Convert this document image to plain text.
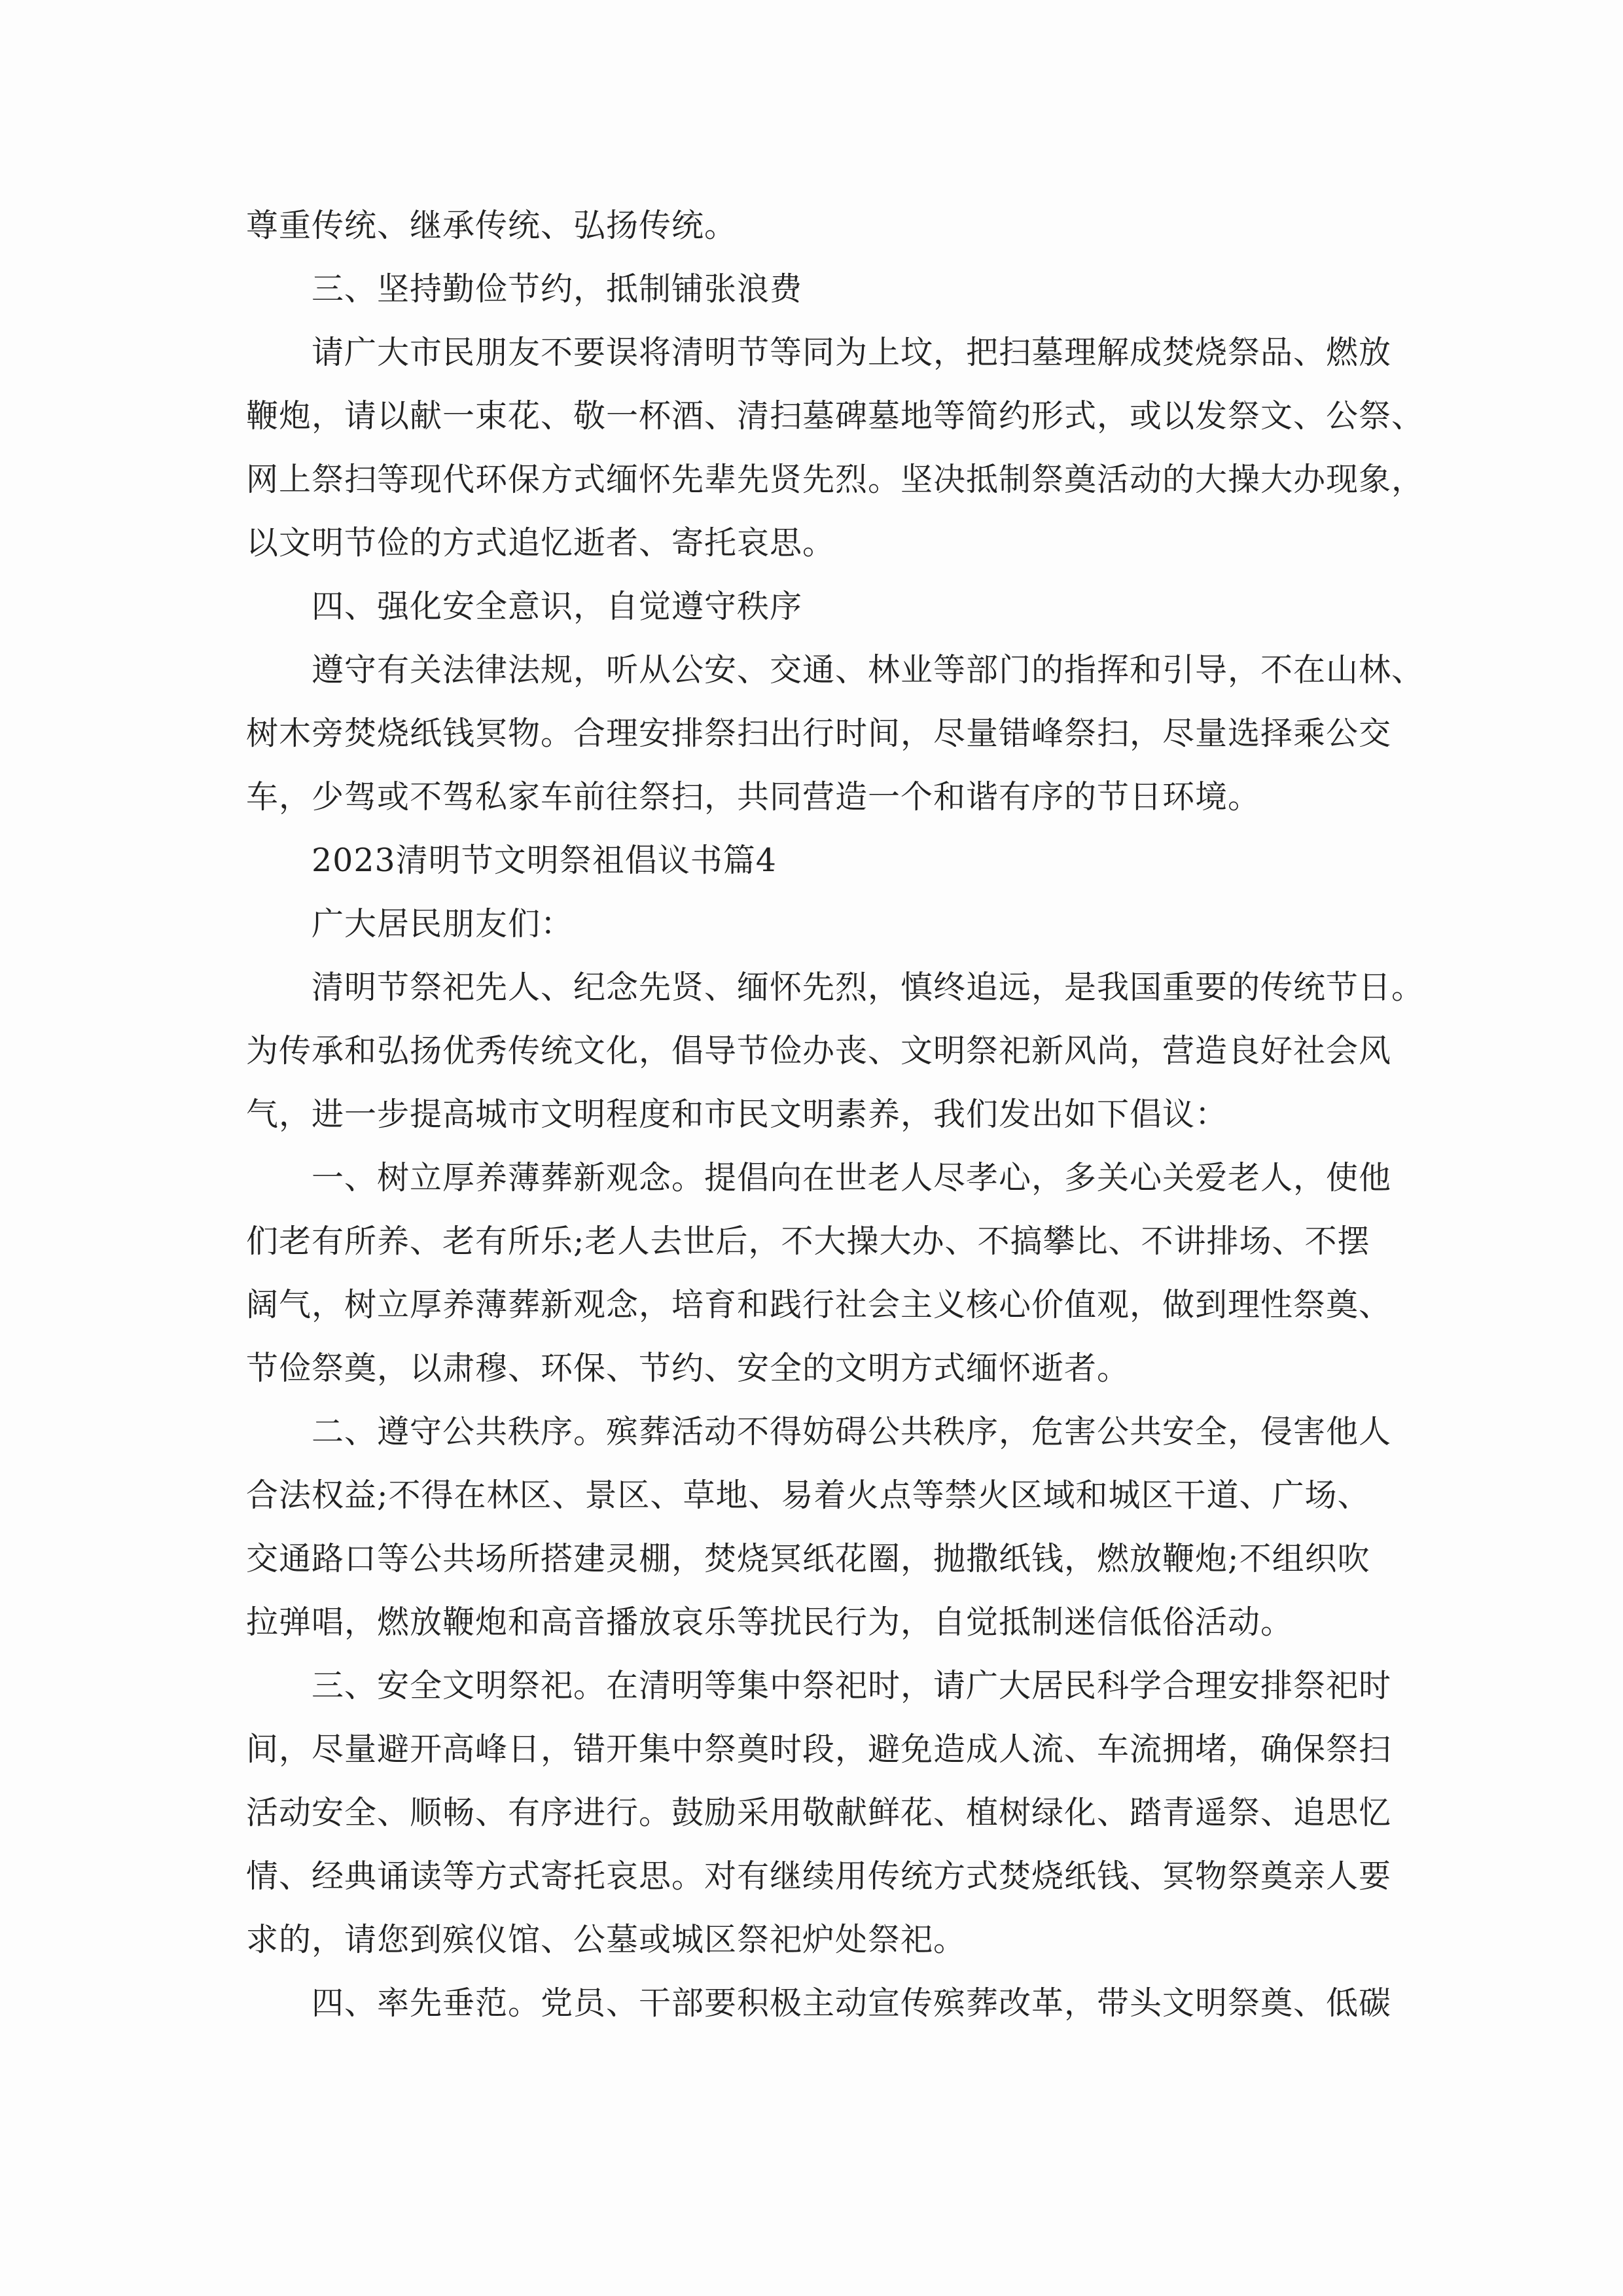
尊重传统、继承传统、弘扬传统。
三、坚持勤俭节约，抵制铺张浪费
请广大市民朋友不要误将清明节等同为上坟，把扫墓理解成焚烧祭品、燃放
鞭炮，请以献一束花、敬一杯酒、清扫墓碑墓地等简约形式，或以发祭文、公祭、
网上祭扫等现代环保方式缅怀先辈先贤先烈。坚决抵制祭奠活动的大操大办现象，
以文明节俭的方式追忆逝者、寄托哀思。
四、强化安全意识，自觉遵守秩序
遵守有关法律法规，听从公安、交通、林业等部门的指挥和引导，不在山林、
树木旁焚烧纸钱冥物。合理安排祭扫出行时间，尽量错峰祭扫，尽量选择乘公交
车，少驾或不驾私家车前往祭扫，共同营造一个和谐有序的节日环境。
2023清明节文明祭祖倡议书篇4
广大居民朋友们：
清明节祭祀先人、纪念先贤、缅怀先烈，慎终追远，是我国重要的传统节日。
为传承和弘扬优秀传统文化，倡导节俭办丧、文明祭祀新风尚，营造良好社会风
气，进一步提高城市文明程度和市民文明素养，我们发出如下倡议：
一、树立厚养薄葬新观念。提倡向在世老人尽孝心，多关心关爱老人，使他
们老有所养、老有所乐;老人去世后，不大操大办、不搞攀比、不讲排场、不摆
阔气，树立厚养薄葬新观念，培育和践行社会主义核心价值观，做到理性祭奠、
节俭祭奠，以肃穆、环保、节约、安全的文明方式缅怀逝者。
二、遵守公共秩序。殡葬活动不得妨碍公共秩序，危害公共安全，侵害他人
合法权益;不得在林区、景区、草地、易着火点等禁火区域和城区干道、广场、
交通路口等公共场所搭建灵棚，焚烧冥纸花圈，抛撒纸钱，燃放鞭炮;不组织吹
拉弹唱，燃放鞭炮和高音播放哀乐等扰民行为，自觉抵制迷信低俗活动。
三、安全文明祭祀。在清明等集中祭祀时，请广大居民科学合理安排祭祀时
间，尽量避开高峰日，错开集中祭奠时段，避免造成人流、车流拥堵，确保祭扫
活动安全、顺畅、有序进行。鼓励采用敬献鲜花、植树绿化、踏青遥祭、追思忆
情、经典诵读等方式寄托哀思。对有继续用传统方式焚烧纸钱、冥物祭奠亲人要
求的，请您到殡仪馆、公墓或城区祭祀炉处祭祀。
四、率先垂范。党员、干部要积极主动宣传殡葬改革，带头文明祭奠、低碳
